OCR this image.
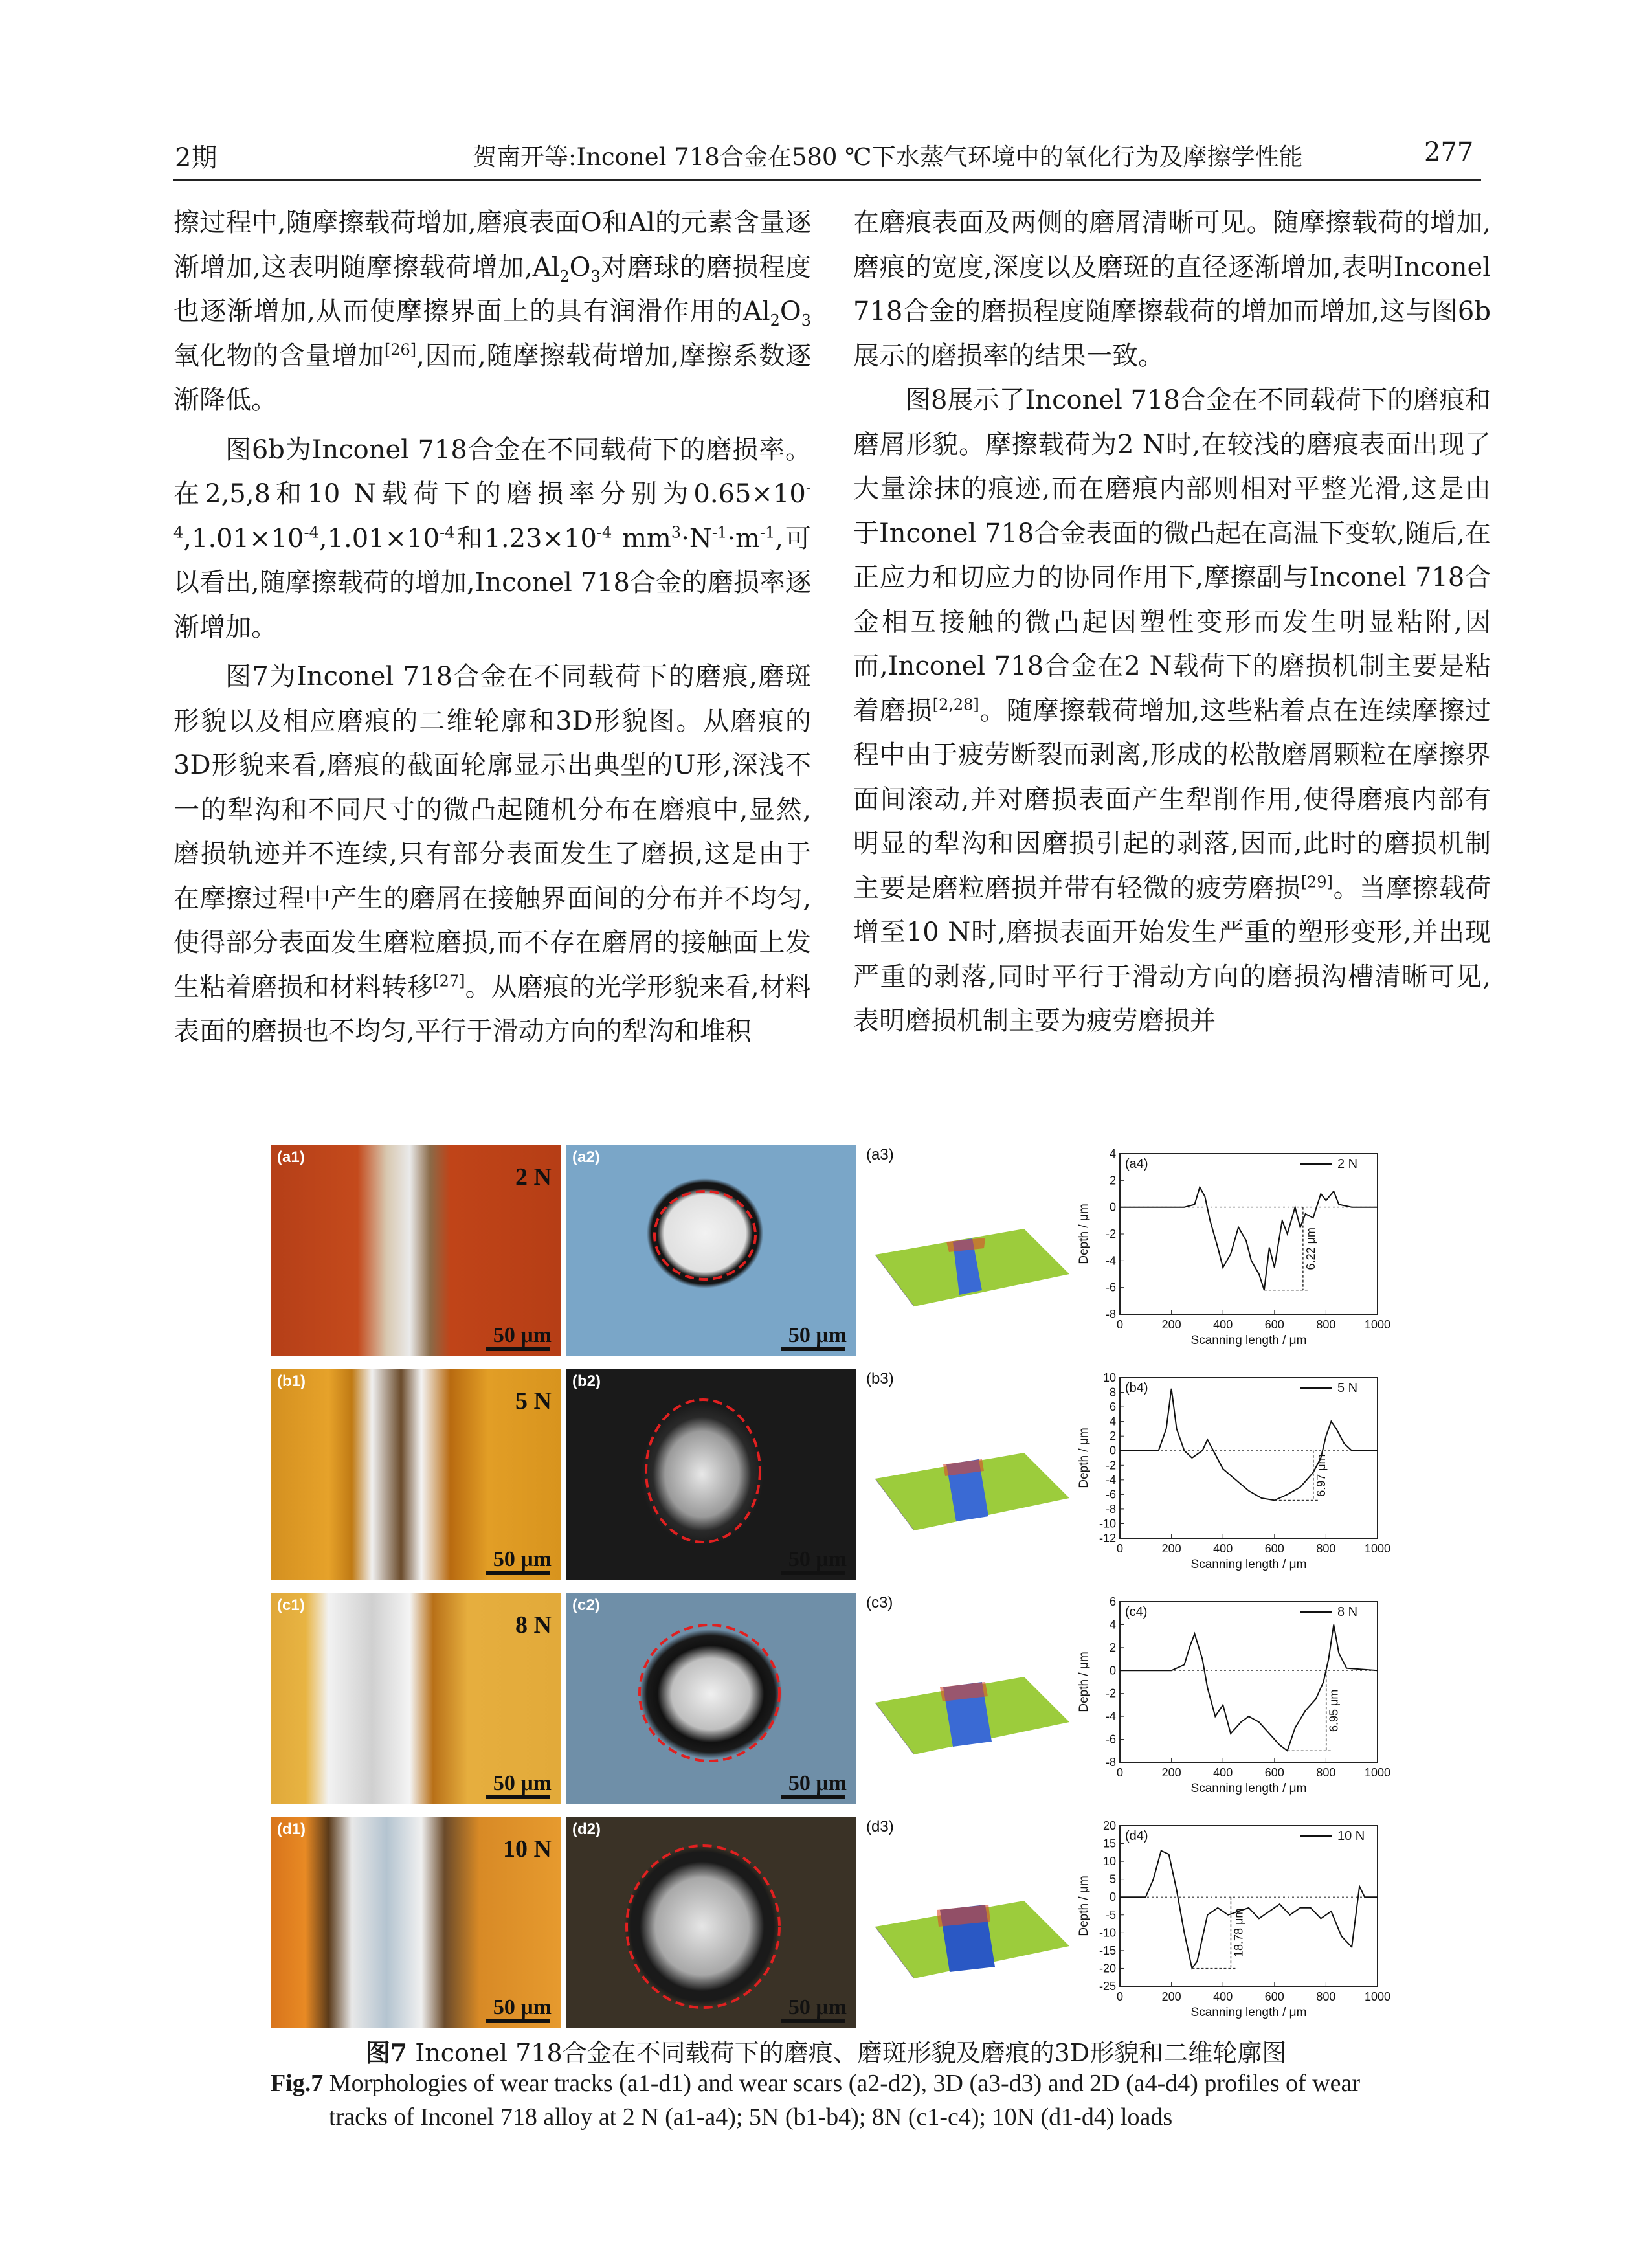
2期	贺南开等:Inconel 718合金在580 ℃下水蒸气环境中的氧化行为及摩擦学性能	277

擦过程中,随摩擦载荷增加,磨痕表面O和Al的元素含量逐渐增加,这表明随摩擦载荷增加$,Al_2O_3$对磨球的磨损程度也逐渐增加,从而使摩擦界面上的具有润滑作用的$Al_2O_3$氧化物的含量增加[26],因而,随摩擦载荷增加,摩擦系数逐渐降低。

图6b为Inconel 718合金在不同载荷下的磨损率。在2,5,8和10 N载荷下的磨损率分别为$0.65\times 10^{-4},1.01\times 10^{-4},1.01\times 10^{-4}$和$1.23\times 10^{-4}$ $mm^3\cdot N^{-1}\cdot m^{-1}$,可以看出,随摩擦载荷的增加,Inconel 718合金的磨损率逐渐增加。

图7为Inconel 718合金在不同载荷下的磨痕,磨斑形貌以及相应磨痕的二维轮廓和3D形貌图。从磨痕的3D形貌来看,磨痕的截面轮廓显示出典型的U形,深浅不一的犁沟和不同尺寸的微凸起随机分布在磨痕中,显然,磨损轨迹并不连续,只有部分表面发生了磨损,这是由于在摩擦过程中产生的磨屑在接触界面间的分布并不均匀,使得部分表面发生磨粒磨损,而不存在磨屑的接触面上发生粘着磨损和材料转移[27]。从磨痕的光学形貌来看,材料表面的磨损也不均匀,平行于滑动方向的犁沟和堆积

在磨痕表面及两侧的磨屑清晰可见。随摩擦载荷的增加,磨痕的宽度,深度以及磨斑的直径逐渐增加,表明Inconel 718合金的磨损程度随摩擦载荷的增加而增加,这与图6b展示的磨损率的结果一致。

图8展示了Inconel 718合金在不同载荷下的磨痕和磨屑形貌。摩擦载荷为2 N时,在较浅的磨痕表面出现了大量涂抹的痕迹,而在磨痕内部则相对平整光滑,这是由于Inconel 718合金表面的微凸起在高温下变软,随后,在正应力和切应力的协同作用下,摩擦副与Inconel 718合金相互接触的微凸起因塑性变形而发生明显粘附,因而,Inconel 718合金在2 N载荷下的磨损机制主要是粘着磨损[2,28]。随摩擦载荷增加,这些粘着点在连续摩擦过程中由于疲劳断裂而剥离,形成的松散磨屑颗粒在摩擦界面间滚动,并对磨损表面产生犁削作用,使得磨痕内部有明显的犁沟和因磨损引起的剥落,因而,此时的磨损机制主要是磨粒磨损并带有轻微的疲劳磨损[29]。当摩擦载荷增至10 N时,磨损表面开始发生严重的塑形变形,并出现严重的剥落,同时平行于滑动方向的磨损沟槽清晰可见,表明磨损机制主要为疲劳磨损并

(a1)
2 N
50 μm
(a2)
50 μm
(a3)
(b1)
5 N
50 μm
(b2)
50 μm
(b3)
(c1)
8 N
50 μm
(c2)
50 μm
(c3)
(d1)
10 N
50 μm
(d2)
50 μm
(d3)
0	200	400	600	800 1000
4
2
0
-2
-4
-6
-8
6.22 μm
(a4)	2 N
Scanning length / μm
Depth / μm
0	200	400	600	800 1000
10
8
6
4
2
0
-2
-4
-6
-8
-10
-12
6.97 μm
(b4)	5 N
Scanning length / μm
Depth / μm
0	200	400	600	800 1000
6
4
2
0
-2
-4
-6
-8
6.95 μm
(c4)	8 N
Scanning length / μm
Depth / μm
0	200	400	600	800 1000
20
15
10
5
0
-5
-10
-15
-20
-25
18.78 μm
(d4)	10 N
Scanning length / μm
Depth / μm
图7 Inconel 718合金在不同载荷下的磨痕、磨斑形貌及磨痕的3D形貌和二维轮廓图
Fig.7 Morphologies of wear tracks (a1-d1) and wear scars (a2-d2), 3D (a3-d3) and 2D (a4-d4) profiles of wear
tracks of Inconel 718 alloy at 2 N (a1-a4); 5N (b1-b4); 8N (c1-c4); 10N (d1-d4) loads
